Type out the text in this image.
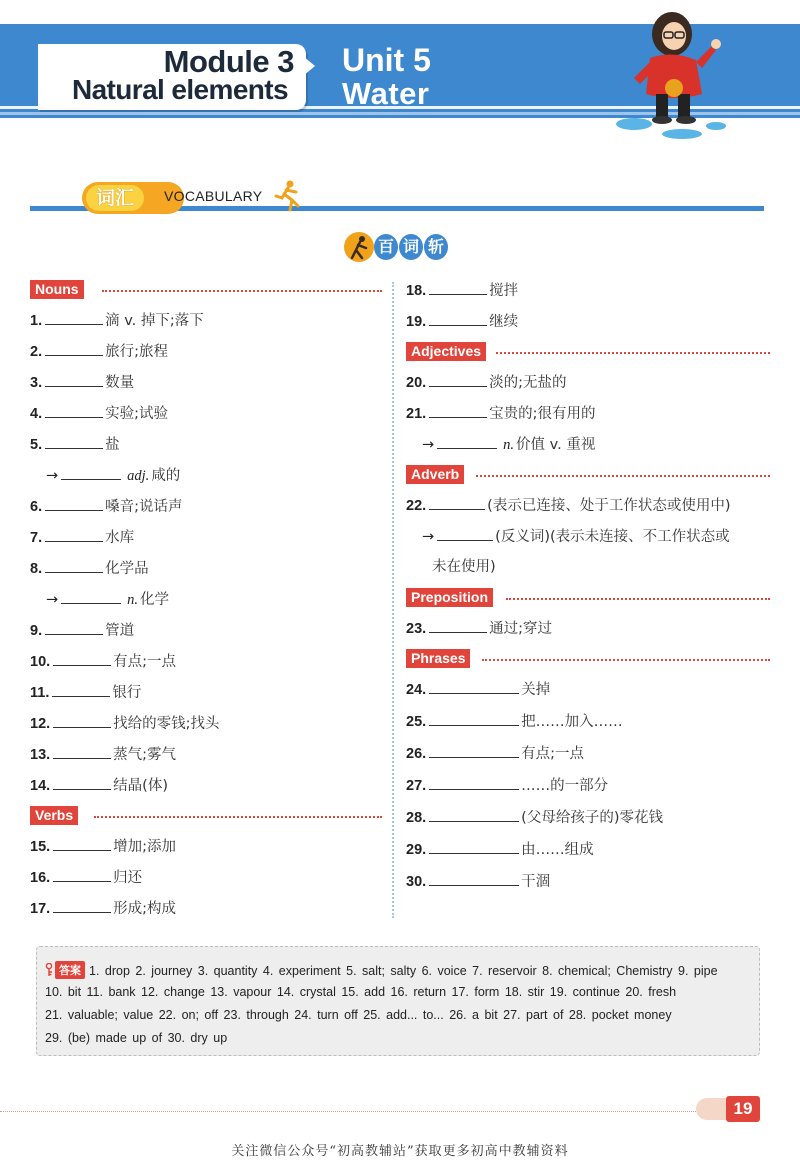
Module 3
Natural elements
Unit 5
Water
词汇	VOCABULARY
百 词 斩
Nouns
1.	滴 v. 掉下;落下
2.	旅行;旅程
3.	数量
4.	实验;试验
5.	盐
→	adj. 咸的
6.	嗓音;说话声
7.	水库
8.	化学品
→	n. 化学
9.	管道
10.	有点;一点
11.	银行
12.	找给的零钱;找头
13.	蒸气;雾气
14.	结晶(体)
Verbs
15.	增加;添加
16.	归还
17.	形成;构成
18.	搅拌
19.	继续
Adjectives
20.	淡的;无盐的
21.	宝贵的;很有用的
→	n. 价值 v. 重视
Adverb
22.	(表示已连接、处于工作状态或使用中)
→	(反义词)(表示未连接、不工作状态或
未在使用)
Preposition
23.	通过;穿过
Phrases
24.	关掉
25.	把……加入……
26.	有点;一点
27.	……的一部分
28.	(父母给孩子的)零花钱
29.	由……组成
30.	干涸
答案 1. drop 2. journey 3. quantity 4. experiment 5. salt; salty 6. voice 7. reservoir 8. chemical; Chemistry 9. pipe
10. bit 11. bank 12. change 13. vapour 14. crystal 15. add 16. return 17. form 18. stir 19. continue 20. fresh
21. valuable; value 22. on; off 23. through 24. turn off 25. add... to... 26. a bit 27. part of 28. pocket money
29. (be) made up of 30. dry up
19
关注微信公众号“初高教辅站”获取更多初高中教辅资料
